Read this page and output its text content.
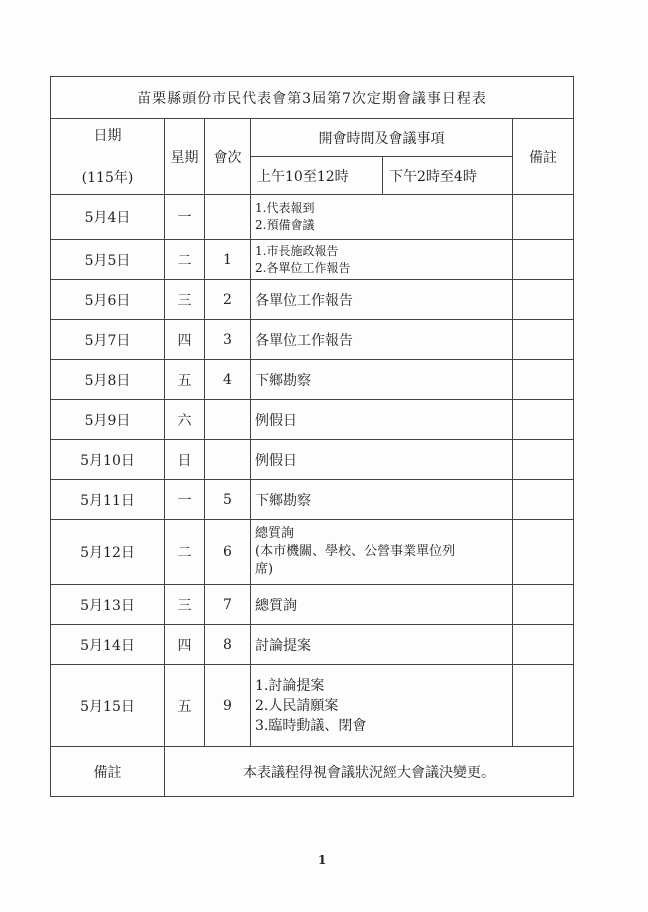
苗栗縣頭份市民代表會第3屆第7次定期會議事日程表					

日期
(115年)	星期	會次	開會時間及會議事項		備註
			上午10至12時	下午2時至4時	
5月4日	一		1.代表報到
2.預備會議		

5月5日	二	1	1.市長施政報告
2.各單位工作報告		

5月6日	三	2	各單位工作報告		

5月7日	四	3	各單位工作報告		

5月8日	五	4	下鄉勘察		

5月9日	六		例假日		

5月10日	日		例假日		

5月11日	一	5	下鄉勘察		

5月12日	二	6	總質詢
(本市機關、學校、公營事業單位列
席)		

5月13日	三	7	總質詢		

5月14日	四	8	討論提案		

5月15日	五	9	1.討論提案
2.人民請願案
3.臨時動議、閉會		

備註	本表議程得視會議狀況經大會議決變更。				
1
